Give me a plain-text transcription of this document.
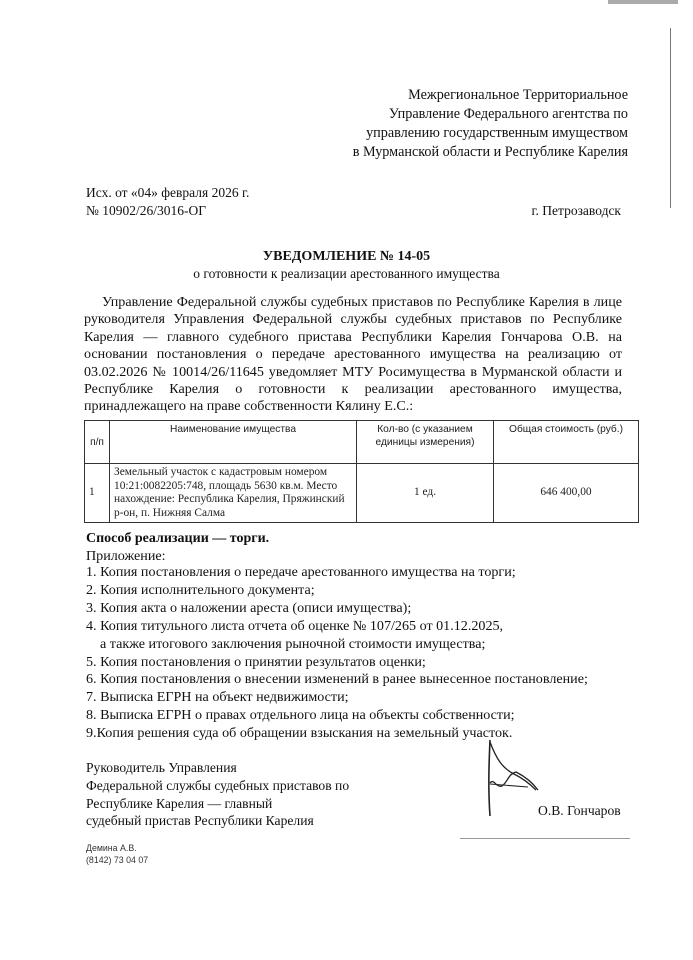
Межрегиональное Территориальное
Управление Федерального агентства по
управлению государственным имуществом
в Мурманской области и Республике Карелия
Исх. от «04» февраля 2026 г.
№ 10902/26/3016-ОГ	г. Петрозаводск
УВЕДОМЛЕНИЕ № 14-05
о готовности к реализации арестованного имущества
Управление Федеральной службы судебных приставов по Республике Карелия в лице руководителя Управления Федеральной службы судебных приставов по Республике Карелия — главного судебного пристава Республики Карелия Гончарова О.В. на основании постановления о передаче арестованного имущества на реализацию от 03.02.2026 № 10014/26/11645 уведомляет МТУ Росимущества в Мурманской области и Республике Карелия о готовности к реализации арестованного имущества, принадлежащего на праве собственности Кялину Е.С.:
п/п	Наименование имущества	Кол-во (с указанием единицы измерения)	Общая стоимость (руб.)
1	Земельный участок с кадастровым номером 10:21:0082205:748, площадь 5630 кв.м. Место нахождение: Республика Карелия, Пряжинский р-он, п. Нижняя Салма	1 ед.	646 400,00
Способ реализации — торги.
Приложение:
1. Копия постановления о передаче арестованного имущества на торги;
2. Копия исполнительного документа;
3. Копия акта о наложении ареста (описи имущества);
4. Копия титульного листа отчета об оценке № 107/265 от 01.12.2025,
а также итогового заключения рыночной стоимости имущества;
5. Копия постановления о принятии результатов оценки;
6. Копия постановления о внесении изменений в ранее вынесенное постановление;
7. Выписка ЕГРН на объект недвижимости;
8. Выписка ЕГРН о правах отдельного лица на объекты собственности;
9.Копия решения суда об обращении взыскания на земельный участок.
Руководитель Управления
Федеральной службы судебных приставов по
Республике Карелия — главный
судебный пристав Республики Карелия
О.В. Гончаров
Демина А.В.
(8142) 73 04 07
